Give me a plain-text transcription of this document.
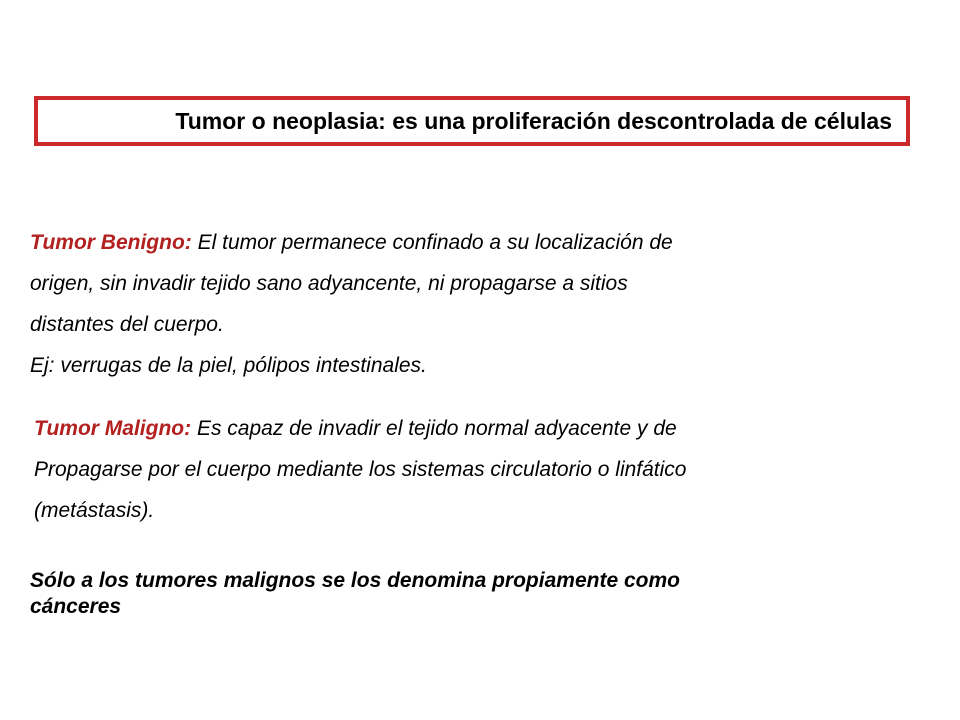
Tumor o neoplasia: es una proliferación descontrolada de células
Tumor Benigno: El tumor permanece confinado a su localización de
origen, sin invadir tejido sano adyancente, ni propagarse a sitios
distantes del cuerpo.
Ej: verrugas de la piel, pólipos intestinales.
Tumor Maligno: Es capaz de invadir el tejido normal adyacente y de
Propagarse por el cuerpo mediante los sistemas circulatorio o linfático
(metástasis).
Sólo a los tumores malignos se los denomina propiamente como
cánceres
